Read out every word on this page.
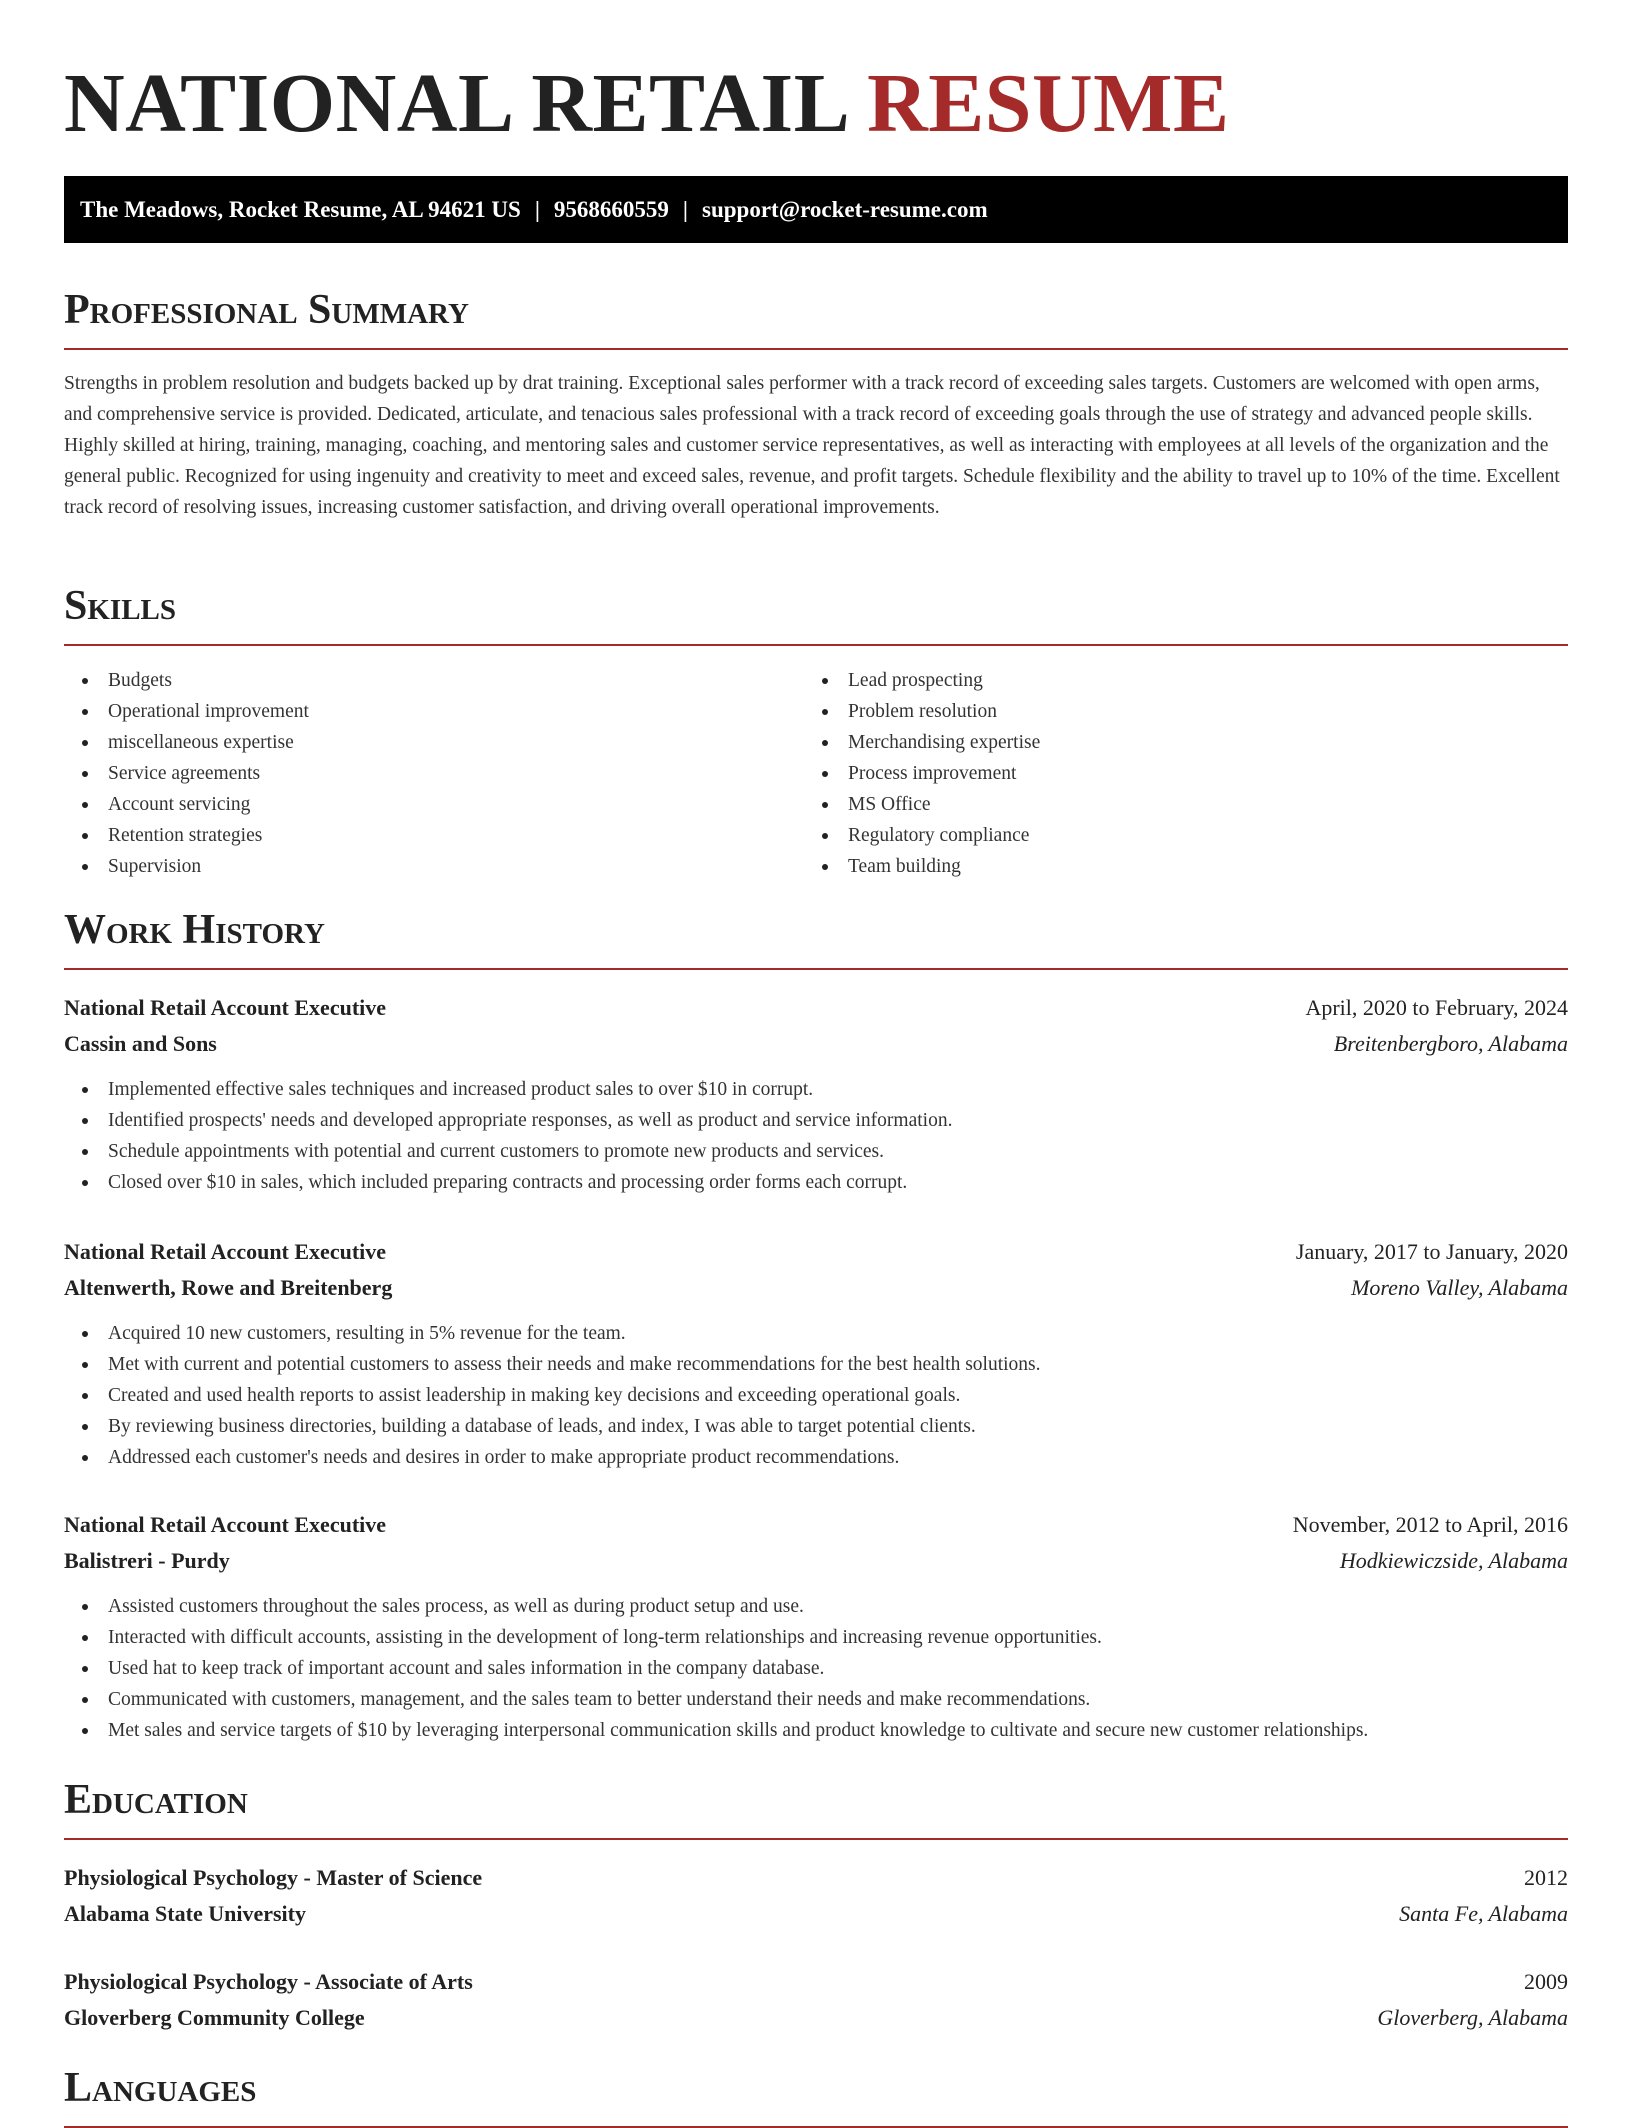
NATIONAL RETAIL RESUME
The Meadows, Rocket Resume, AL 94621 US | 9568660559 | support@rocket-resume.com
Professional Summary

Strengths in problem resolution and budgets backed up by drat training. Exceptional sales performer with a track record of exceeding sales targets. Customers are welcomed with open arms, and comprehensive service is provided. Dedicated, articulate, and tenacious sales professional with a track record of exceeding goals through the use of strategy and advanced people skills. Highly skilled at hiring, training, managing, coaching, and mentoring sales and customer service representatives, as well as interacting with employees at all levels of the organization and the general public. Recognized for using ingenuity and creativity to meet and exceed sales, revenue, and profit targets. Schedule flexibility and the ability to travel up to 10% of the time. Excellent track record of resolving issues, increasing customer satisfaction, and driving overall operational improvements.

Skills
Budgets
Operational improvement
miscellaneous expertise
Service agreements
Account servicing
Retention strategies
Supervision
Lead prospecting
Problem resolution
Merchandising expertise
Process improvement
MS Office
Regulatory compliance
Team building
Work History
National Retail Account Executive	April, 2020 to February, 2024
Cassin and Sons	Breitenbergboro, Alabama
Implemented effective sales techniques and increased product sales to over $10 in corrupt.
Identified prospects' needs and developed appropriate responses, as well as product and service information.
Schedule appointments with potential and current customers to promote new products and services.
Closed over $10 in sales, which included preparing contracts and processing order forms each corrupt.
National Retail Account Executive	January, 2017 to January, 2020
Altenwerth, Rowe and Breitenberg	Moreno Valley, Alabama
Acquired 10 new customers, resulting in 5% revenue for the team.
Met with current and potential customers to assess their needs and make recommendations for the best health solutions.
Created and used health reports to assist leadership in making key decisions and exceeding operational goals.
By reviewing business directories, building a database of leads, and index, I was able to target potential clients.
Addressed each customer's needs and desires in order to make appropriate product recommendations.
National Retail Account Executive	November, 2012 to April, 2016
Balistreri - Purdy	Hodkiewiczside, Alabama
Assisted customers throughout the sales process, as well as during product setup and use.
Interacted with difficult accounts, assisting in the development of long-term relationships and increasing revenue opportunities.
Used hat to keep track of important account and sales information in the company database.
Communicated with customers, management, and the sales team to better understand their needs and make recommendations.
Met sales and service targets of $10 by leveraging interpersonal communication skills and product knowledge to cultivate and secure new customer relationships.
Education
Physiological Psychology - Master of Science	2012
Alabama State University	Santa Fe, Alabama
Physiological Psychology - Associate of Arts	2009
Gloverberg Community College	Gloverberg, Alabama
Languages
